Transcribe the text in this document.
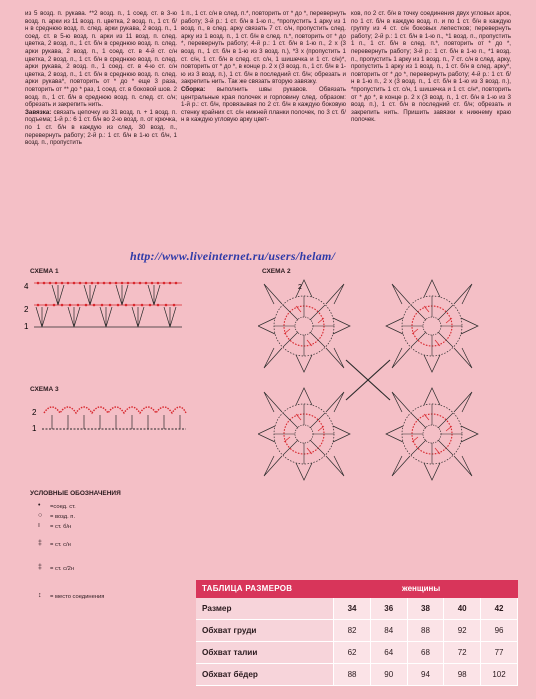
из 5 возд. п. рукава. **2 возд. п., 1 соед. ст. в 3-ю возд. п. арки из 11 возд. п. цветка, 2 возд. п., 1 ст. б/н в среднюю возд. п. след. арки рукава, 2 возд. п., 1 соед. ст. в 5-ю возд. п. арки из 11 возд. п. след. цветка, 2 возд. п., 1 ст. б/н в среднюю возд. п. след. арки рукава, 2 возд. п., 1 соед. ст. в 4-й ст. с/н цветка, 2 возд. п., 1 ст. б/н в среднюю возд. п. след. арки рукава, 2 возд. п., 1 соед. ст. в 4-ю ст. с/н цветка, 2 возд. п., 1 ст. б/н в среднюю возд. п. след. арки рукава*, повторить от * до * еще 3 раза, повторить от ** до * раз, 1 соед. ст. в боковой шов. 2 возд. п., 1 ст. б/н в среднюю возд. п. след. ст. с/н; обрезать и закрепить нить.

Завязка: связать цепочку из 31 возд. п. + 1 возд. п. подъема; 1-й р.: 6 1 ст. б/н во 2-ю возд. п. от крючка, по 1 ст. б/н в каждую из след. 30 возд. п., перевернуть работу; 2-й р.: 1 ст. б/н в 1-ю ст. б/н, 1 возд. п., пропустить

1 п., 1 ст. с/н в след. п.*, повторить от * до *, перевернуть работу; 3-й р.: 1 ст. б/н в 1-ю п., *пропустить 1 арку из 1 возд. п., в след. арку связать 7 ст. с/н, пропустить след. арку из 1 возд. п., 1 ст. б/н в след. п.*, повторить от * до *, перевернуть работу; 4-й р.: 1 ст. б/н в 1-ю п., 2 х (3 возд. п., 1 ст. б/н в 1-ю из 3 возд. п.), *3 х (пропустить 1 ст. с/н, 1 ст. б/н в след. ст. с/н, 1 шишечка и 1 ст. с/н)*, повторить от * до *, в конце р. 2 х (3 возд. п., 1 ст. б/н в 1-ю из 3 возд. п.), 1 ст. б/н в последний ст. б/н; обрезать и закрепить нить. Так же связать вторую завязку.

Сборка: выполнить швы рукавов. Обвязать центральные края полочек и горловину след. образом: 1-й р.: ст. б/н, провязывая по 2 ст. б/н в каждую боковую стенку крайних ст. с/н нижней планки полочек, по 3 ст. б/н в каждую угловую арку цвет-

ков, по 2 ст. б/н в точку соединения двух угловых арок, по 1 ст. б/н в каждую возд. п. и по 1 ст. б/н в каждую группу из 4 ст. с/н боковых лепестков; перевернуть работу; 2-й р.: 1 ст. б/н в 1-ю п., *1 возд. п., пропустить 1 п., 1 ст. б/н в след. п.*, повторить от * до *, перевернуть работу; 3-й р.: 1 ст. б/н в 1-ю п., *1 возд. п., пропустить 1 арку из 1 возд. п., 7 ст. с/н в след. арку, пропустить 1 арку из 1 возд. п., 1 ст. б/н в след. арку*, повторить от * до *, перевернуть работу; 4-й р.: 1 ст. б/н в 1-ю п., 2 х (3 возд. п., 1 ст. б/н в 1-ю из 3 возд. п.), *пропустить 1 ст. с/н, 1 шишечка и 1 ст. с/н*, повторить от * до *, в конце р. 2 х (3 возд. п., 1 ст. б/н в 1-ю из 3 возд. п.), 1 ст. б/н в последний ст. б/н; обрезать и закрепить нить. Пришить завязки к нижнему краю полочек.

http://www.liveinternet.ru/users/helam/
СХЕМА 1	СХЕМА 2
СХЕМА 3
4
2
1
2
1
2
УСЛОВНЫЕ ОБОЗНАЧЕНИЯ
• =соед. ст.
○ = возд. п.
ı = ст. б/н
‡ = ст. с/н
‡ = ст. с/2н
↕ = место соединения
ТАБЛИЦА РАЗМЕРОВ	женщины
Размер	34	36	38	40	42
Обхват груди	82	84	88	92	96
Обхват талии	62	64	68	72	77
Обхват бёдер	88	90	94	98	102
